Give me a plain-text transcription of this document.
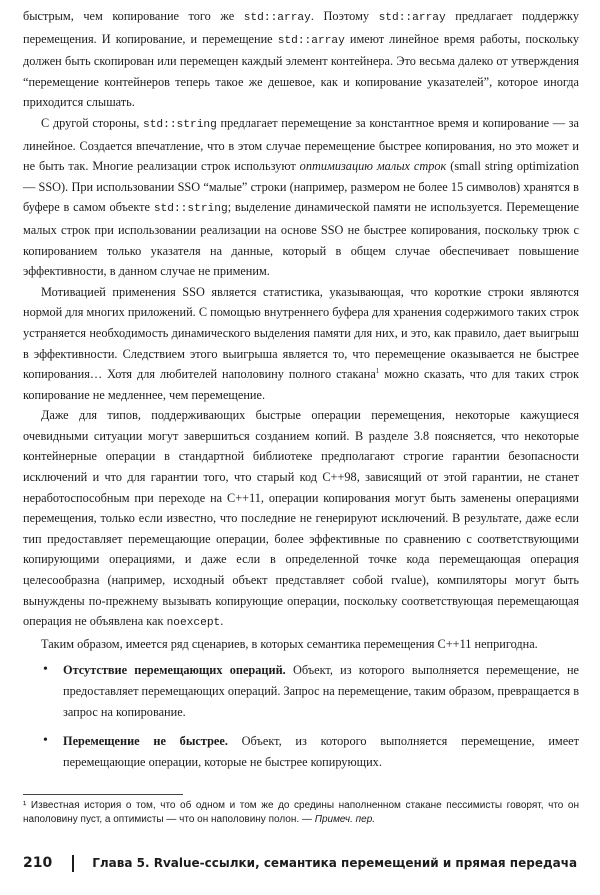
быстрым, чем копирование того же std::array. Поэтому std::array предлагает поддержку перемещения. И копирование, и перемещение std::array имеют линейное время работы, поскольку должен быть скопирован или перемещен каждый элемент контейнера. Это весьма далеко от утверждения “перемещение контейнеров теперь такое же дешевое, как и копирование указателей”, которое иногда приходится слышать.

С другой стороны, std::string предлагает перемещение за константное время и копирование — за линейное. Создается впечатление, что в этом случае перемещение быстрее копирования, но это может и не быть так. Многие реализации строк используют оптимизацию малых строк (small string optimization — SSO). При использовании SSO “малые” строки (например, размером не более 15 символов) хранятся в буфере в самом объекте std::string; выделение динамической памяти не используется. Перемещение малых строк при использовании реализации на основе SSO не быстрее копирования, поскольку трюк с копированием только указателя на данные, который в общем случае обеспечивает повышение эффективности, в данном случае не применим.

Мотивацией применения SSO является статистика, указывающая, что короткие строки являются нормой для многих приложений. С помощью внутреннего буфера для хранения содержимого таких строк устраняется необходимость динамического выделения памяти для них, и это, как правило, дает выигрыш в эффективности. Следствием этого выигрыша является то, что перемещение оказывается не быстрее копирования… Хотя для любителей наполовину полного стакана$^1$ можно сказать, что для таких строк копирование не медленнее, чем перемещение.

Даже для типов, поддерживающих быстрые операции перемещения, некоторые кажущиеся очевидными ситуации могут завершиться созданием копий. В разделе 3.8 поясняется, что некоторые контейнерные операции в стандартной библиотеке предполагают строгие гарантии безопасности исключений и что для гарантии того, что старый код C++98, зависящий от этой гарантии, не станет неработоспособным при переходе на C++11, операции копирования могут быть заменены операциями перемещения, только если известно, что последние не генерируют исключений. В результате, даже если тип предоставляет перемещающие операции, более эффективные по сравнению с соответствующими копирующими операциями, и даже если в определенной точке кода перемещающая операция целесообразна (например, исходный объект представляет собой rvalue), компиляторы могут быть вынуждены по-прежнему вызывать копирующие операции, поскольку соответствующая перемещающая операция не объявлена как noexcept.

Таким образом, имеется ряд сценариев, в которых семантика перемещения C++11 непригодна.

• Отсутствие перемещающих операций. Объект, из которого выполняется перемещение, не предоставляет перемещающих операций. Запрос на перемещение, таким образом, превращается в запрос на копирование.
• Перемещение не быстрее. Объект, из которого выполняется перемещение, имеет перемещающие операции, которые не быстрее копирующих.
¹ Известная история о том, что об одном и том же до средины наполненном стакане пессимисты говорят, что он наполовину пуст, а оптимисты — что он наполовину полон. — Примеч. пер.
210	Глава 5. Rvalue-ссылки, семантика перемещений и прямая передача
